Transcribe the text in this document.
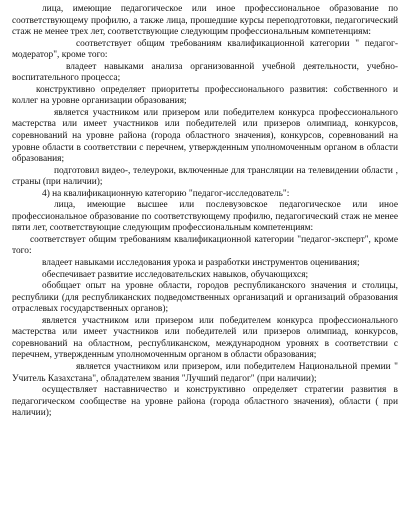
лица, имеющие педагогическое или иное профессиональное образование по соответствующему профилю, а также лица, прошедшие курсы переподготовки, педагогический стаж не менее трех лет, соответствующие следующим профессиональным компетенциям:

соответствует общим требованиям квалификационной категории " педагог-модератор", кроме того:

владеет навыками анализа организованной учебной деятельности, учебно-воспитательного процесса;

конструктивно определяет приоритеты профессионального развития: собственного и коллег на уровне организации образования;

является участником или призером или победителем конкурса профессионального мастерства или имеет участников или победителей или призеров олимпиад, конкурсов, соревнований на уровне района (города областного значения), конкурсов, соревнований на уровне области в соответствии с перечнем, утвержденным уполномоченным органом в области образования;

подготовил видео-, телеуроки, включенные для трансляции на телевидении области , страны (при наличии);

4) на квалификационную категорию "педагог-исследователь":

лица, имеющие высшее или послевузовское педагогическое или иное профессиональное образование по соответствующему профилю, педагогический стаж не менее пяти лет, соответствующие следующим профессиональным компетенциям:

соответствует общим требованиям квалификационной категории "педагог-эксперт", кроме того:

владеет навыками исследования урока и разработки инструментов оценивания;

обеспечивает развитие исследовательских навыков, обучающихся;

обобщает опыт на уровне области, городов республиканского значения и столицы, республики (для республиканских подведомственных организаций и организаций образования отраслевых государственных органов);

является участником или призером или победителем конкурса профессионального мастерства или имеет участников или победителей или призеров олимпиад, конкурсов, соревнований на областном, республиканском, международном уровнях в соответствии с перечнем, утвержденным уполномоченным органом в области образования;

является участником или призером, или победителем Национальной премии " Учитель Казахстана", обладателем звания "Лучший педагог" (при наличии);

осуществляет наставничество и конструктивно определяет стратегии развития в педагогическом сообществе на уровне района (города областного значения), области ( при наличии);
